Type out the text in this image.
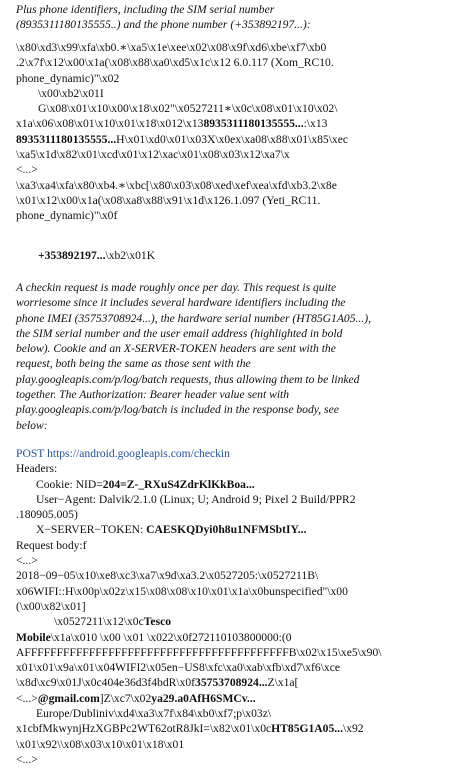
Plus phone identifiers, including the SIM serial number
(8935311180135555..) and the phone number (+353892197...):

\x80\xd3\x99\xfa\xb0.∗\xa5\x1e\xee\x02\x08\x9f\xd6\xbe\xf7\xb0
.2\x7f\x12\x00\x1a(\x08\x88\xa0\xd5\x1c\x12 6.0.117 (Xom_RC10.
phone_dynamic)"\x02
\x00\xb2\x01I
G\x08\x01\x10\x00\x18\x02"\x0527211∗\x0c\x08\x01\x10\x02\
x1a\x06\x08\x01\x10\x01\x18\x012\x138935311180135555...:\x13
8935311180135555...H\x01\xd0\x01\x03X\x0ex\xa08\x88\x01\x85\xec
\xa5\x1d\x82\x01\xcd\x01\x12\xac\x01\x08\x03\x12\xa7\x
<...>
\xa3\xa4\xfa\x80\xb4.∗\xbc[\x80\x03\x08\xed\xef\xea\xfd\xb3.2\x8e
\x01\x12\x00\x1a(\x08\xa8\x88\x91\x1d\x126.1.097 (Yeti_RC11.
phone_dynamic)"\x0f
+353892197...\xb2\x01K
A checkin request is made roughly once per day. This request is quite
worriesome since it includes several hardware identifiers including the
phone IMEI (35753708924...), the hardware serial number (HT85G1A05...),
the SIM serial number and the user email address (highlighted in bold
below). Cookie and an X-SERVER-TOKEN headers are sent with the
request, both being the same as those sent with the
play.googleapis.com/p/log/batch requests, thus allowing them to be linked
together. The Authorization: Bearer header value sent with
play.googleapis.com/p/log/batch is included in the response body, see
below:
POST https://android.googleapis.com/checkin
Headers:
Cookie: NID=204=Z-_RXuS4ZdrKlKkBoa...
User−Agent: Dalvik/2.1.0 (Linux; U; Android 9; Pixel 2 Build/PPR2
.180905.005)
X−SERVER−TOKEN: CAESKQDyi0h8u1NFMSbtIY...
Request body:f
<...>
2018−09−05\x10\xe8\xc3\xa7\x9d\xa3.2\x0527205:\x0527211B\
x06WIFI::H\x00p\x02z\x15\x08\x08\x10\x01\x1a\x0bunspecified"\x00
(\x00\x82\x01]
\x0527211\x12\x0cTesco
Mobile\x1a\x010 \x00 \x01 \x022\x0f272110103800000:(0
AFFFFFFFFFFFFFFFFFFFFFFFFFFFFFFFFFFFFFFFFFB\x02\x15\xe5\x90\
x01\x01\x9a\x01\x04WIFI2\x05en−US8\xfc\xa0\xab\xfb\xd7\xf6\xce
\x8d\xc9\x01J\x0c404e36d3f4bdR\x0f35753708924...Z\x1a[
<...>@gmail.com]Z\xc7\x02ya29.a0AfH6SMCv...
Europe/Dubliniv\xd4\xa3\x7f\x84\xb0\xf7;p\x03z\
x1cbfMkwynjHzXGBPc2WT62otR8JkI=\x82\x01\x0cHT85G1A05...\x92
\x01\x92\\x08\x03\x10\x01\x18\x01
<...>
